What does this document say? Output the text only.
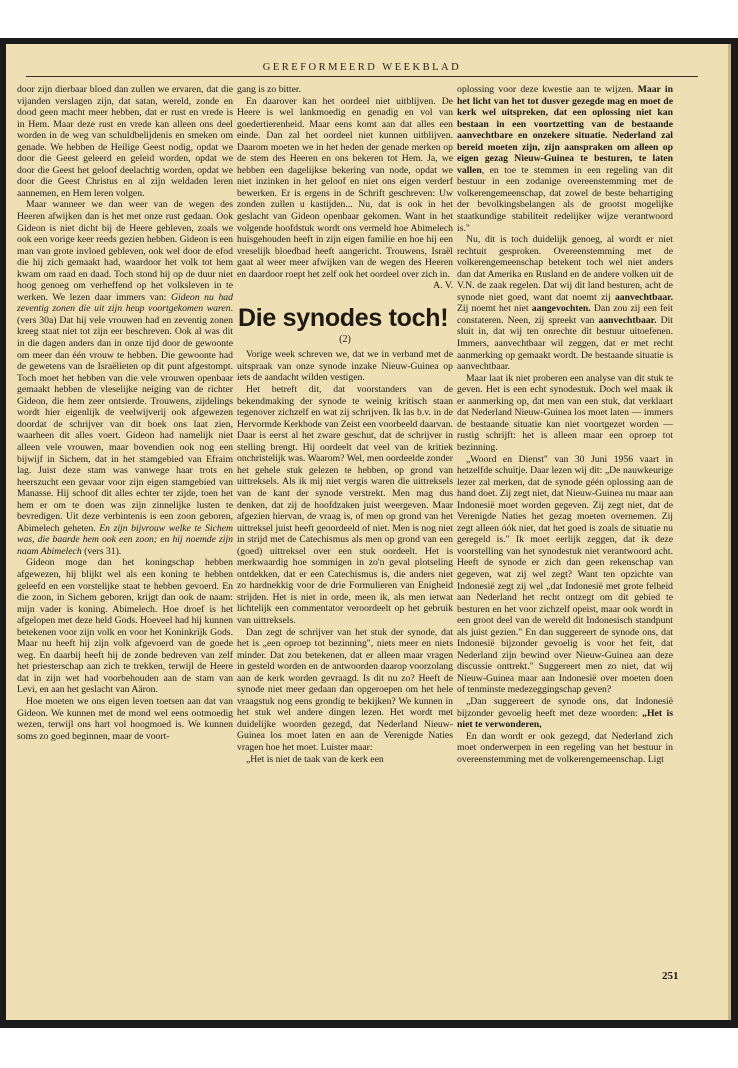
GEREFORMEERD WEEKBLAD

door zijn dierbaar bloed dan zullen we ervaren, dat die vijanden verslagen zijn, dat satan, wereld, zonde en dood geen macht meer hebben, dat er rust en vrede is in Hem. Maar deze rust en vrede kan alleen ons deel worden in de weg van schuldbelijdenis en smeken om genade. We hebben de Heilige Geest nodig, opdat we door die Geest geleerd en geleid worden, opdat we door die Geest het geloof deelachtig worden, opdat we door die Geest Christus en al zijn weldaden leren aannemen, en Hem leren volgen.

Maar wanneer we dan weer van de wegen des Heeren afwijken dan is het met onze rust gedaan. Ook Gideon is niet dicht bij de Heere gebleven, zoals we ook een vorige keer reeds gezien hebben. Gideon is een man van grote invloed gebleven, ook wel door de efod die hij zich gemaakt had, waardoor het volk tot hem kwam om raad en daad. Toch stond hij op de duur niet hoog genoeg om verheffend op het volksleven in te werken. We lezen daar immers van: Gideon nu had zeventig zonen die uit zijn heup voortgekomen waren. (vers 30a) Dat hij vele vrouwen had en zeventig zonen kreeg staat niet tot zijn eer beschreven. Ook al was dit in die dagen anders dan in onze tijd door de gewoonte om meer dan één vrouw te hebben. Die gewoonte had de gewetens van de Israëlieten op dit punt afgestompt. Toch moet het hebben van die vele vrouwen openbaar gemaakt hebben de vleselijke neiging van de richter Gideon, die hem zeer ontsierde. Trouwens, zijdelings wordt hier eigenlijk de veelwijverij ook afgewezen doordat de schrijver van dit boek ons laat zien, waarheen dit alles voert. Gideon had namelijk niet alleen vele vrouwen, maar bovendien ook nog een bijwijf in Sichem, dat in het stamgebied van Efraim lag. Juist deze stam was vanwege haar trots en heerszucht een gevaar voor zijn eigen stamgebied van Manasse. Hij schoof dit alles echter ter zijde, toen het hem er om te doen was zijn zinnelijke lusten te bevredigen. Uit deze verbintenis is een zoon geboren, Abimelech geheten. En zijn bijvrouw welke te Sichem was, die baarde hem ook een zoon; en hij noemde zijn naam Abimelech (vers 31).

Gideon moge dan het koningschap hebben afgewezen, hij blijkt wel als een koning te hebben geleefd en een vorstelijke staat te hebben gevoerd. En die zoon, in Sichem geboren, krijgt dan ook de naam: mijn vader is koning. Abimelech. Hoe droef is het afgelopen met deze held Gods. Hoeveel had hij kunnen betekenen voor zijn volk en voor het Koninkrijk Gods. Maar nu heeft hij zijn volk afgevoerd van de goede weg. En daarbij heeft hij de zonde bedreven van zelf het priesterschap aan zich te trekken, terwijl de Heere dat in zijn wet had voorbehouden aan de stam van Levi, en aan het geslacht van Aäron.

Hoe moeten we ons eigen leven toetsen aan dat van Gideon. We kunnen met de mond wel eens ootmoedig wezen, terwijl ons hart vol hoogmoed is. We kunnen soms zo goed beginnen, maar de voort-

gang is zo bitter.

En daarover kan het oordeel niet uitblijven. De Heere is wel lankmoedig en genadig en vol van goedertierenheid. Maar eens komt aan dat alles een einde. Dan zal het oordeel niet kunnen uitblijven. Daarom moeten we in het heden der genade merken op de stem des Heeren en ons bekeren tot Hem. Ja, we hebben een dagelijkse bekering van node, opdat we niet inzinken in het geloof en niet ons eigen verderf bewerken. Er is ergens in de Schrift geschreven: Uw zonden zullen u kastijden... Nu, dat is ook in het geslacht van Gideon openbaar gekomen. Want in het volgende hoofdstuk wordt ons vermeld hoe Abimelech huisgehouden heeft in zijn eigen familie en hoe hij een vreselijk bloedbad heeft aangericht. Trouwens, Israël gaat al weer meer afwijken van de wegen des Heeren en daardoor roept het zelf ook het oordeel over zich in.

A. V.

Die synodes toch!
(2)

Vorige week schreven we, dat we in verband met de uitspraak van onze synode inzake Nieuw-Guinea op iets de aandacht wilden vestigen.

Het betreft dit, dat voorstanders van de bekendmaking der synode te weinig kritisch staan tegenover zichzelf en wat zij schrijven. Ik las b.v. in de Hervormde Kerkbode van Zeist een voorbeeld daarvan. Daar is eerst al het zware geschut, dat de schrijver in stelling brengt. Hij oordeelt dat veel van de kritiek onchristelijk was. Waarom? Wel, men oordeelde zonder het gehele stuk gelezen te hebben, op grond van uittreksels. Als ik mij niet vergis waren die uittreksels van de kant der synode verstrekt. Men mag dus denken, dat zij de hoofdzaken juist weergeven. Maar afgezien hiervan, de vraag is, of men op grond van het uittreksel juist heeft geoordeeld of niet. Men is nog niet in strijd met de Catechismus als men op grond van een (goed) uittreksel over een stuk oordeelt. Het is merkwaardig hoe sommigen in zo'n geval plotseling ontdekken, dat er een Catechismus is, die anders niet zo hardnekkig voor de drie Formulieren van Enigheid strijden. Het is niet in orde, meen ik, als men ietwat lichtelijk een commentator veroordeelt op het gebruik van uittreksels.

Dan zegt de schrijver van het stuk der synode, dat het is „een oproep tot bezinning", niets meer en niets minder. Dat zou betekenen, dat er alleen maar vragen in gesteld worden en de antwoorden daarop voorzolang aan de kerk worden gevraagd. Is dit nu zo? Heeft de synode niet meer gedaan dan opgeroepen om het hele vraagstuk nog eens grondig te bekijken? We kunnen in het stuk wel andere dingen lezen. Het wordt met duidelijke woorden gezegd, dat Nederland Nieuw-Guinea los moet laten en aan de Verenigde Naties vragen hoe het moet. Luister maar:

„Het is niet de taak van de kerk een

oplossing voor deze kwestie aan te wijzen. Maar in het licht van het tot dusver gezegde mag en moet de kerk wel uitspreken, dat een oplossing niet kan bestaan in een voortzetting van de bestaande aanvechtbare en onzekere situatie. Nederland zal bereid moeten zijn, zijn aanspraken om alleen op eigen gezag Nieuw-Guinea te besturen, te laten vallen, en toe te stemmen in een regeling van dit bestuur in een zodanige overeenstemming met de volkerengemeenschap, dat zowel de beste behartiging der bevolkingsbelangen als de grootst mogelijke staatkundige stabiliteit redelijker wijze verantwoord is."

Nu, dit is toch duidelijk genoeg, al wordt er niet rechtuit gesproken. Overeenstemming met de volkerengemeenschap betekent toch wel niet anders dan dat Amerika en Rusland en de andere volken uit de V.N. de zaak regelen. Dat wij dit land besturen, acht de synode niet goed, want dat noemt zij aanvechtbaar. Zij noemt het niet aangevochten. Dan zou zij een feit constateren. Neen, zij spreekt van aanvechtbaar. Dit sluit in, dat wij ten onrechte dit bestuur uitoefenen. Immers, aanvechtbaar wil zeggen, dat er met recht aanmerking op gemaakt wordt. De bestaande situatie is aanvechtbaar.

Maar laat ik niet proberen een analyse van dit stuk te geven. Het is een echt synodestuk. Doch wel maak ik er aanmerking op, dat men van een stuk, dat verklaart dat Nederland Nieuw-Guinea los moet laten — immers de bestaande situatie kan niet voortgezet worden — rustig schrijft: het is alleen maar een oproep tot bezinning.

„Woord en Dienst" van 30 Juni 1956 vaart in hetzelfde schuitje. Daar lezen wij dit: „De nauwkeurige lezer zal merken, dat de synode géén oplossing aan de hand doet. Zij zegt niet, dat Nieuw-Guinea nu maar aan Indonesië moet worden gegeven. Zij zegt niet, dat de Verenigde Naties het gezag moeten overnemen. Zij zegt alleen óók niet, dat het goed is zoals de situatie nu geregeld is." Ik moet eerlijk zeggen, dat ik deze voorstelling van het synodestuk niet verantwoord acht. Heeft de synode er zich dan geen rekenschap van gegeven, wat zij wel zegt? Want ten opzichte van Indonesië zegt zij wel „dat Indonesië met grote felheid aan Nederland het recht ontzegt om dit gebied te besturen en het voor zichzelf opeist, maar ook wordt in een groot deel van de wereld dit Indonesisch standpunt als juist gezien." En dan suggereert de synode ons, dat Indonesië bijzonder gevoelig is voor het feit, dat Nederland zijn bewind over Nieuw-Guinea aan deze discussie onttrekt." Suggereert men zo niet, dat wij Nieuw-Guinea maar aan Indonesië over moeten doen of tenminste medezeggingschap geven?

„Dan suggereert de synode ons, dat Indonesië bijzonder gevoelig heeft met deze woorden: „Het is niet te verwonderen,

En dan wordt er ook gezegd, dat Nederland zich moet onderwerpen in een regeling van het bestuur in overeenstemming met de volkerengemeenschap. Ligt

251
